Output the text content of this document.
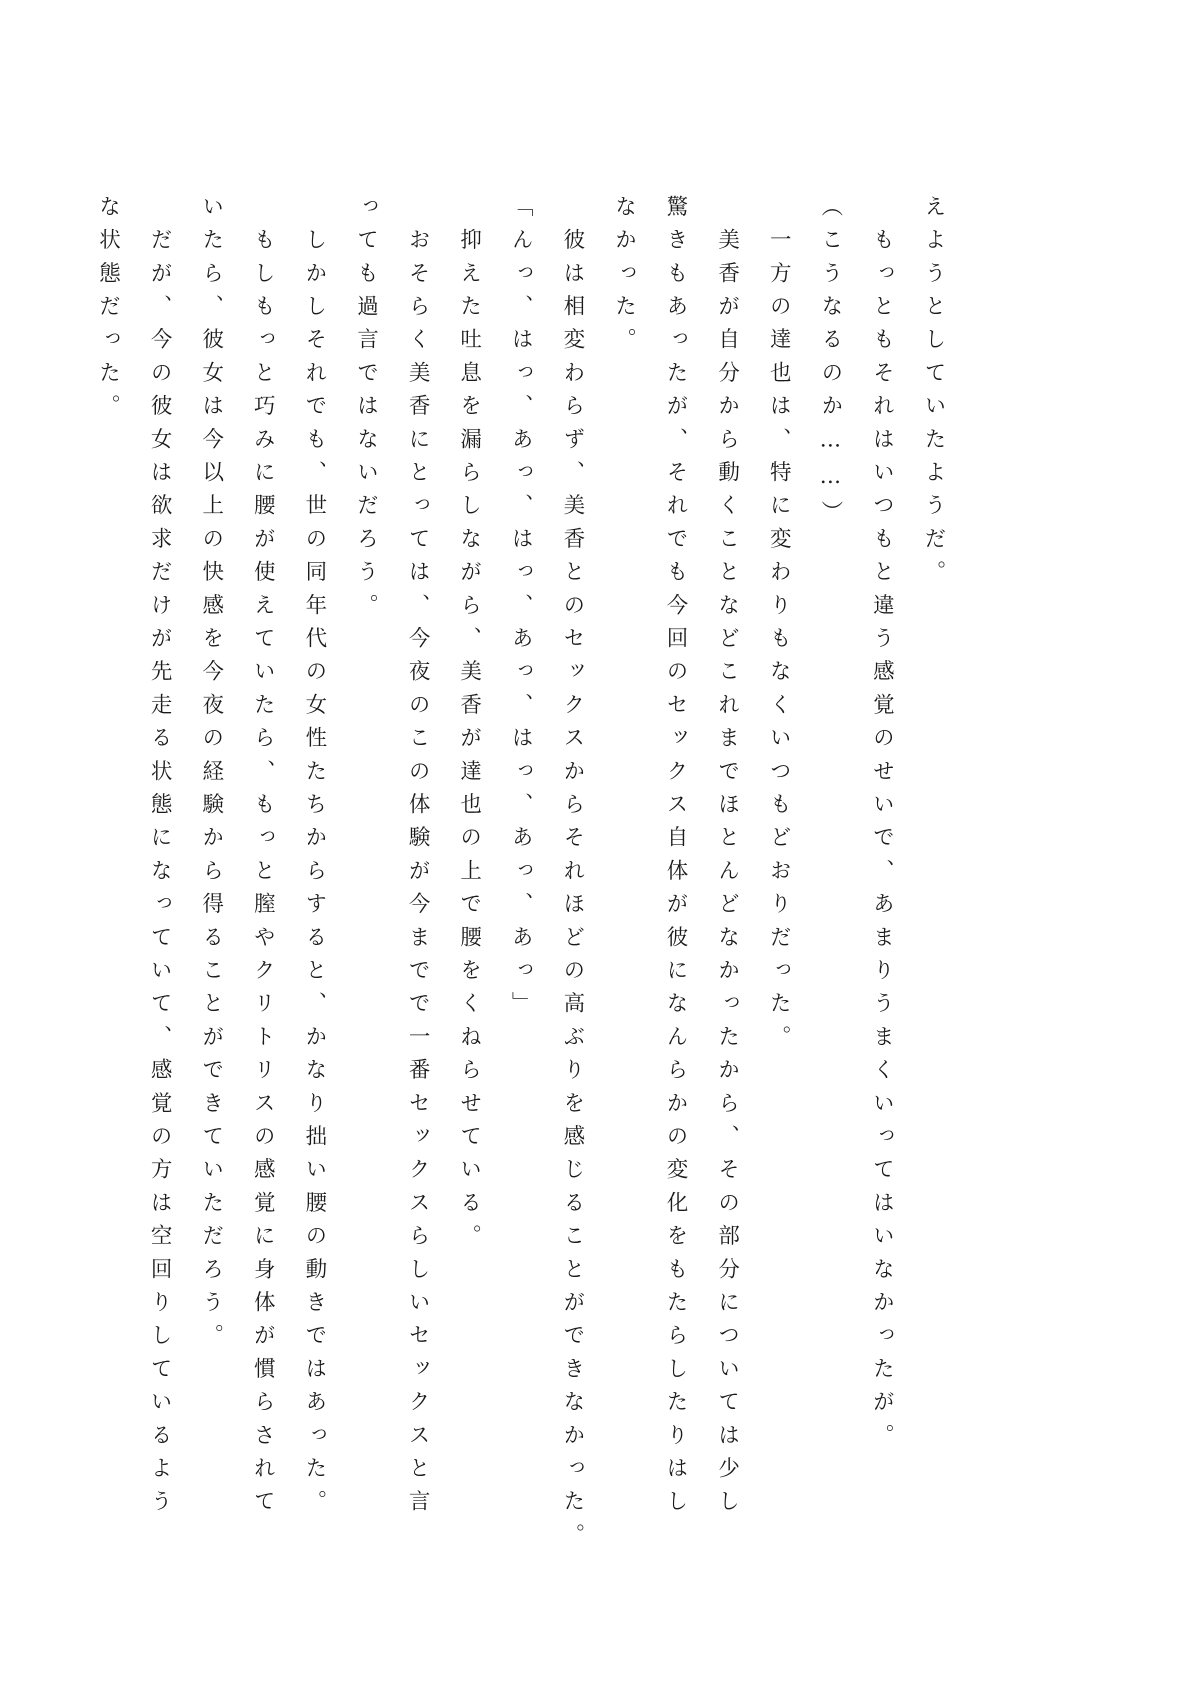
えようとしていたようだ。

　もっともそれはいつもと違う感覚のせいで、あまりうまくいってはいなかったが。

（こうなるのか……）

　一方の達也は、特に変わりもなくいつもどおりだった。

　美香が自分から動くことなどこれまでほとんどなかったから、その部分については少し

驚きもあったが、それでも今回のセックス自体が彼になんらかの変化をもたらしたりはし

なかった。

　彼は相変わらず、美香とのセックスからそれほどの高ぶりを感じることができなかった。

「んっ、はっ、あっ、はっ、あっ、はっ、あっ、あっ」

　抑えた吐息を漏らしながら、美香が達也の上で腰をくねらせている。

　おそらく美香にとっては、今夜のこの体験が今までで一番セックスらしいセックスと言

っても過言ではないだろう。

　しかしそれでも、世の同年代の女性たちからすると、かなり拙い腰の動きではあった。

　もしもっと巧みに腰が使えていたら、もっと膣やクリトリスの感覚に身体が慣らされて

いたら、彼女は今以上の快感を今夜の経験から得ることができていただろう。

　だが、今の彼女は欲求だけが先走る状態になっていて、感覚の方は空回りしているよう

な状態だった。
